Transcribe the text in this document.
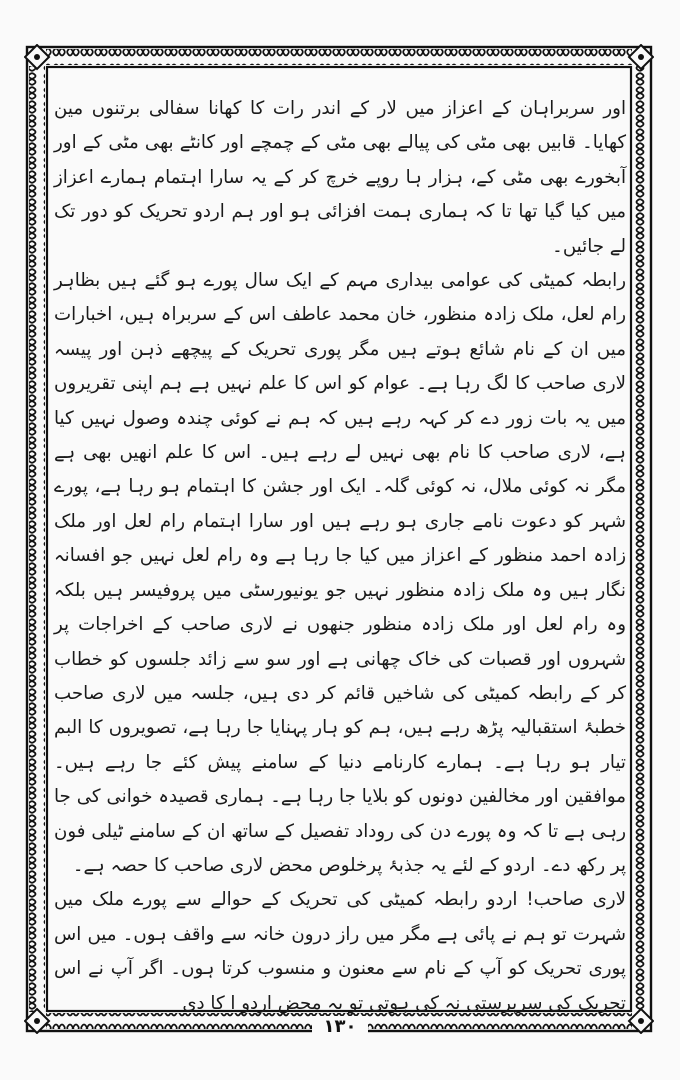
اور سربراہان کے اعزاز میں لار کے اندر رات کا کھانا سفالی برتنوں مین کھایا۔ قابیں بھی مٹی کی پیالے بھی مٹی کے چمچے اور کانٹے بھی مٹی کے اور آبخورے بھی مٹی کے، ہزار ہا روپے خرچ کر کے یہ سارا اہتمام ہمارے اعزاز میں کیا گیا تھا تا کہ ہماری ہمت افزائی ہو اور ہم اردو تحریک کو دور تک لے جائیں۔

رابطہ کمیٹی کی عوامی بیداری مہم کے ایک سال پورے ہو گئے ہیں بظاہر رام لعل، ملک زادہ منظور، خان محمد عاطف اس کے سربراہ ہیں، اخبارات میں ان کے نام شائع ہوتے ہیں مگر پوری تحریک کے پیچھے ذہن اور پیسہ لاری صاحب کا لگ رہا ہے۔ عوام کو اس کا علم نہیں ہے ہم اپنی تقریروں میں یہ بات زور دے کر کہہ رہے ہیں کہ ہم نے کوئی چندہ وصول نہیں کیا ہے، لاری صاحب کا نام بھی نہیں لے رہے ہیں۔ اس کا علم انھیں بھی ہے مگر نہ کوئی ملال، نہ کوئی گلہ۔ ایک اور جشن کا اہتمام ہو رہا ہے، پورے شہر کو دعوت نامے جاری ہو رہے ہیں اور سارا اہتمام رام لعل اور ملک زادہ احمد منظور کے اعزاز میں کیا جا رہا ہے وہ رام لعل نہیں جو افسانہ نگار ہیں وہ ملک زادہ منظور نہیں جو یونیورسٹی میں پروفیسر ہیں بلکہ وہ رام لعل اور ملک زادہ منظور جنھوں نے لاری صاحب کے اخراجات پر شہروں اور قصبات کی خاک چھانی ہے اور سو سے زائد جلسوں کو خطاب کر کے رابطہ کمیٹی کی شاخیں قائم کر دی ہیں، جلسہ میں لاری صاحب خطبۂ استقبالیہ پڑھ رہے ہیں، ہم کو ہار پہنایا جا رہا ہے، تصویروں کا البم تیار ہو رہا ہے۔ ہمارے کارنامے دنیا کے سامنے پیش کئے جا رہے ہیں۔ موافقین اور مخالفین دونوں کو بلایا جا رہا ہے۔ ہماری قصیدہ خوانی کی جا رہی ہے تا کہ وہ پورے دن کی روداد تفصیل کے ساتھ ان کے سامنے ٹیلی فون پر رکھ دے۔ اردو کے لئے یہ جذبۂ پرخلوص محض لاری صاحب کا حصہ ہے۔

لاری صاحب! اردو رابطہ کمیٹی کی تحریک کے حوالے سے پورے ملک میں شہرت تو ہم نے پائی ہے مگر میں راز درون خانہ سے واقف ہوں۔ میں اس پوری تحریک کو آپ کے نام سے معنون و منسوب کرتا ہوں۔ اگر آپ نے اس تحریک کی سرپرستی نہ کی ہوتی تو یہ محض اردو ا کا دی

۱۳۰
